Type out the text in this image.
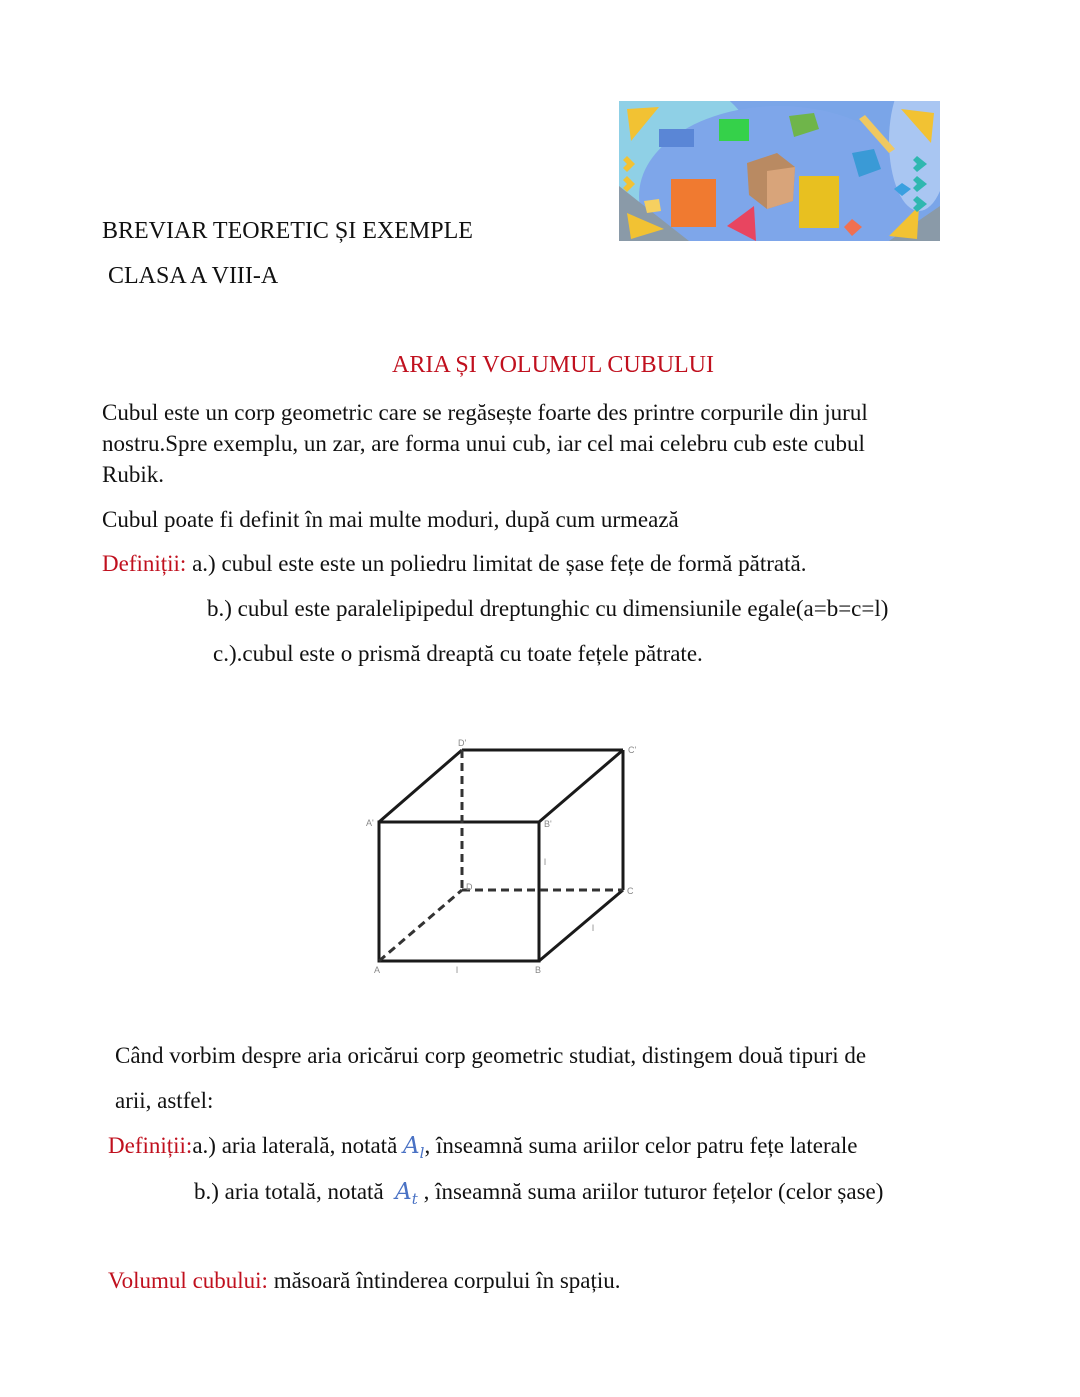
BREVIAR TEORETIC ȘI EXEMPLE
CLASA A VIII-A
ARIA ȘI VOLUMUL CUBULUI
Cubul este un corp geometric care se regăsește foarte des printre corpurile din jurul nostru.Spre exemplu, un zar, are forma unui cub, iar cel mai celebru cub este cubul Rubik.
Cubul poate fi definit în mai multe moduri, după cum urmează
Definiții: a.) cubul este este un poliedru limitat de șase fețe de formă pătrată.
b.) cubul este paralelipipedul dreptunghic cu dimensiunile egale(a=b=c=l)
c.).cubul este o prismă dreaptă cu toate fețele pătrate.
D'
C'
A'	B'
D	C
A	B
l
l
l
Când vorbim despre aria oricărui corp geometric studiat, distingem două tipuri de
arii, astfel:
Definiții:a.) aria laterală, notată $A_l$, înseamnă suma ariilor celor patru fețe laterale
b.) aria totală, notată  $A_t$ , înseamnă suma ariilor tuturor fețelor (celor șase)
Volumul cubului: măsoară întinderea corpului în spațiu.
